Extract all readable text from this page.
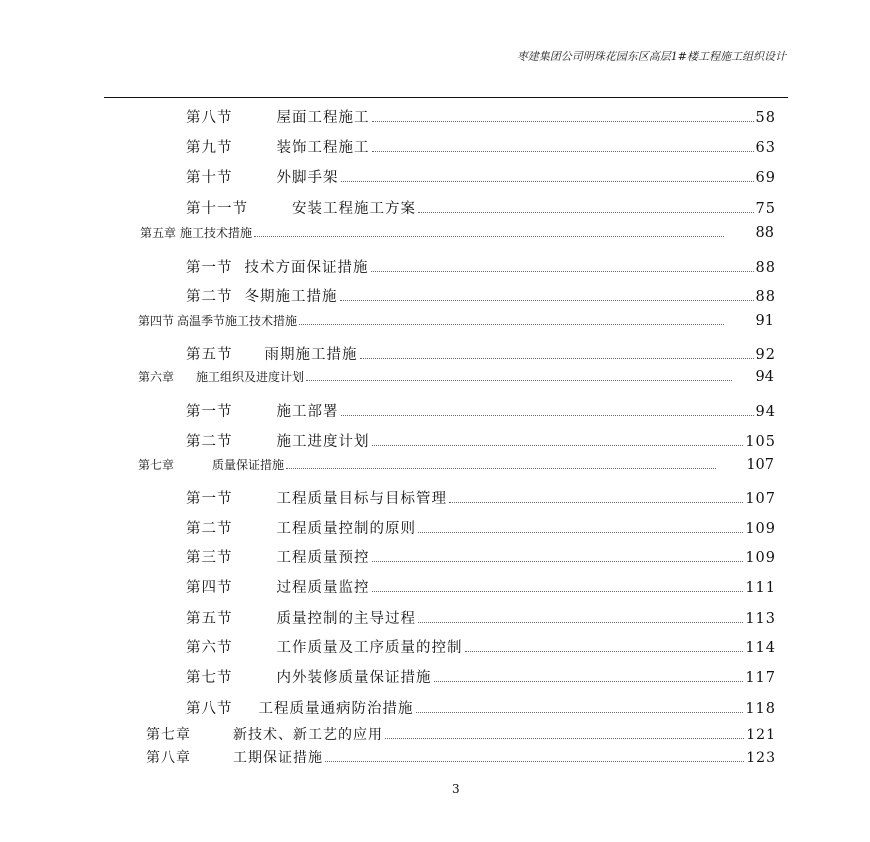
枣建集团公司明珠花园东区高层1#楼工程施工组织设计
第八节	屋面工程施工	58
第九节	装饰工程施工	63
第十节	外脚手架	69
第十一节	安装工程施工方案	75
第五章 施工技术措施	88
第一节 技术方面保证措施	88
第二节 冬期施工措施	88
第四节 高温季节施工技术措施	91
第五节 雨期施工措施	92
第六章 施工组织及进度计划	94
第一节	施工部署	94
第二节	施工进度计划	105
第七章	质量保证措施	107
第一节	工程质量目标与目标管理	107
第二节	工程质量控制的原则	109
第三节	工程质量预控	109
第四节	过程质量监控	111
第五节	质量控制的主导过程	113
第六节	工作质量及工序质量的控制	114
第七节	内外装修质量保证措施	117
第八节 工程质量通病防治措施	118
第七章	新技术、新工艺的应用	121
第八章	工期保证措施	123
3
